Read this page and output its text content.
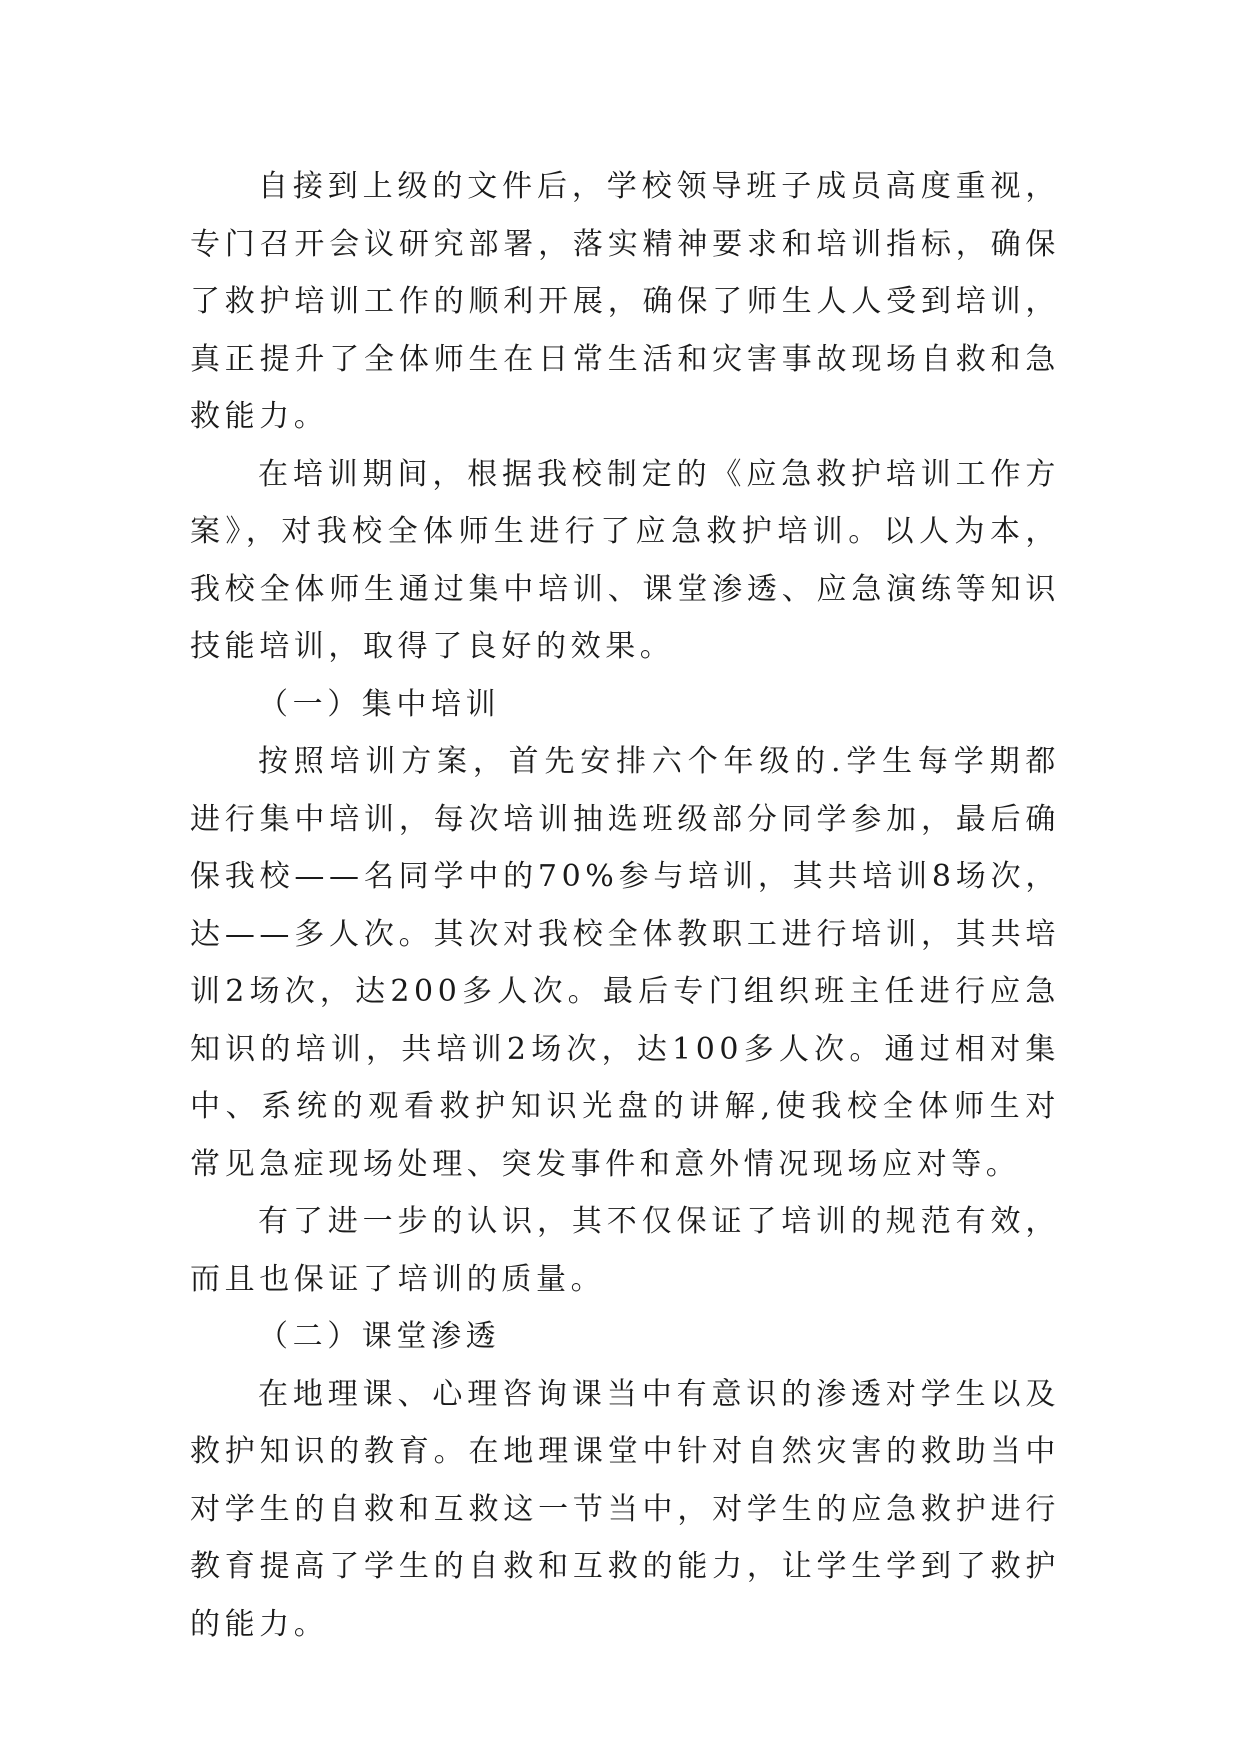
自接到上级的文件后，学校领导班子成员高度重视，专门召开会议研究部署，落实精神要求和培训指标，确保了救护培训工作的顺利开展，确保了师生人人受到培训，真正提升了全体师生在日常生活和灾害事故现场自救和急救能力。

在培训期间，根据我校制定的《应急救护培训工作方案》，对我校全体师生进行了应急救护培训。以人为本，我校全体师生通过集中培训、课堂渗透、应急演练等知识技能培训，取得了良好的效果。

（一）集中培训

按照培训方案，首先安排六个年级的.学生每学期都进行集中培训，每次培训抽选班级部分同学参加，最后确保我校——名同学中的70%参与培训，其共培训8场次，达——多人次。其次对我校全体教职工进行培训，其共培训2场次，达200多人次。最后专门组织班主任进行应急知识的培训，共培训2场次，达100多人次。通过相对集中、系统的观看救护知识光盘的讲解,使我校全体师生对常见急症现场处理、突发事件和意外情况现场应对等。

有了进一步的认识，其不仅保证了培训的规范有效，而且也保证了培训的质量。

（二）课堂渗透

在地理课、心理咨询课当中有意识的渗透对学生以及救护知识的教育。在地理课堂中针对自然灾害的救助当中对学生的自救和互救这一节当中，对学生的应急救护进行教育提高了学生的自救和互救的能力，让学生学到了救护的能力。
